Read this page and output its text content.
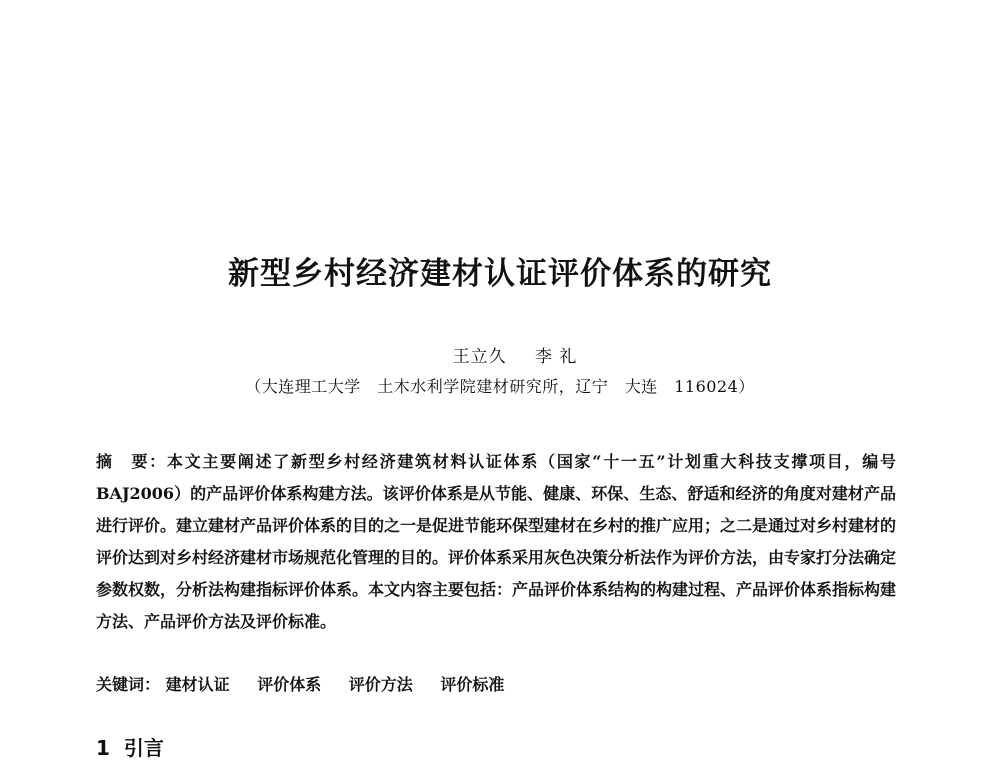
新型乡村经济建材认证评价体系的研究
王立久 李 礼
（大连理工大学　土木水利学院建材研究所，辽宁　大连　116024）
摘　要：本文主要阐述了新型乡村经济建筑材料认证体系（国家“十一五”计划重大科技支撑项目，编号BAJ2006）的产品评价体系构建方法。该评价体系是从节能、健康、环保、生态、舒适和经济的角度对建材产品进行评价。建立建材产品评价体系的目的之一是促进节能环保型建材在乡村的推广应用；之二是通过对乡村建材的评价达到对乡村经济建材市场规范化管理的目的。评价体系采用灰色决策分析法作为评价方法，由专家打分法确定参数权数，分析法构建指标评价体系。本文内容主要包括：产品评价体系结构的构建过程、产品评价体系指标构建方法、产品评价方法及评价标准。
关键词： 建材认证 评价体系 评价方法 评价标准
1 引言
